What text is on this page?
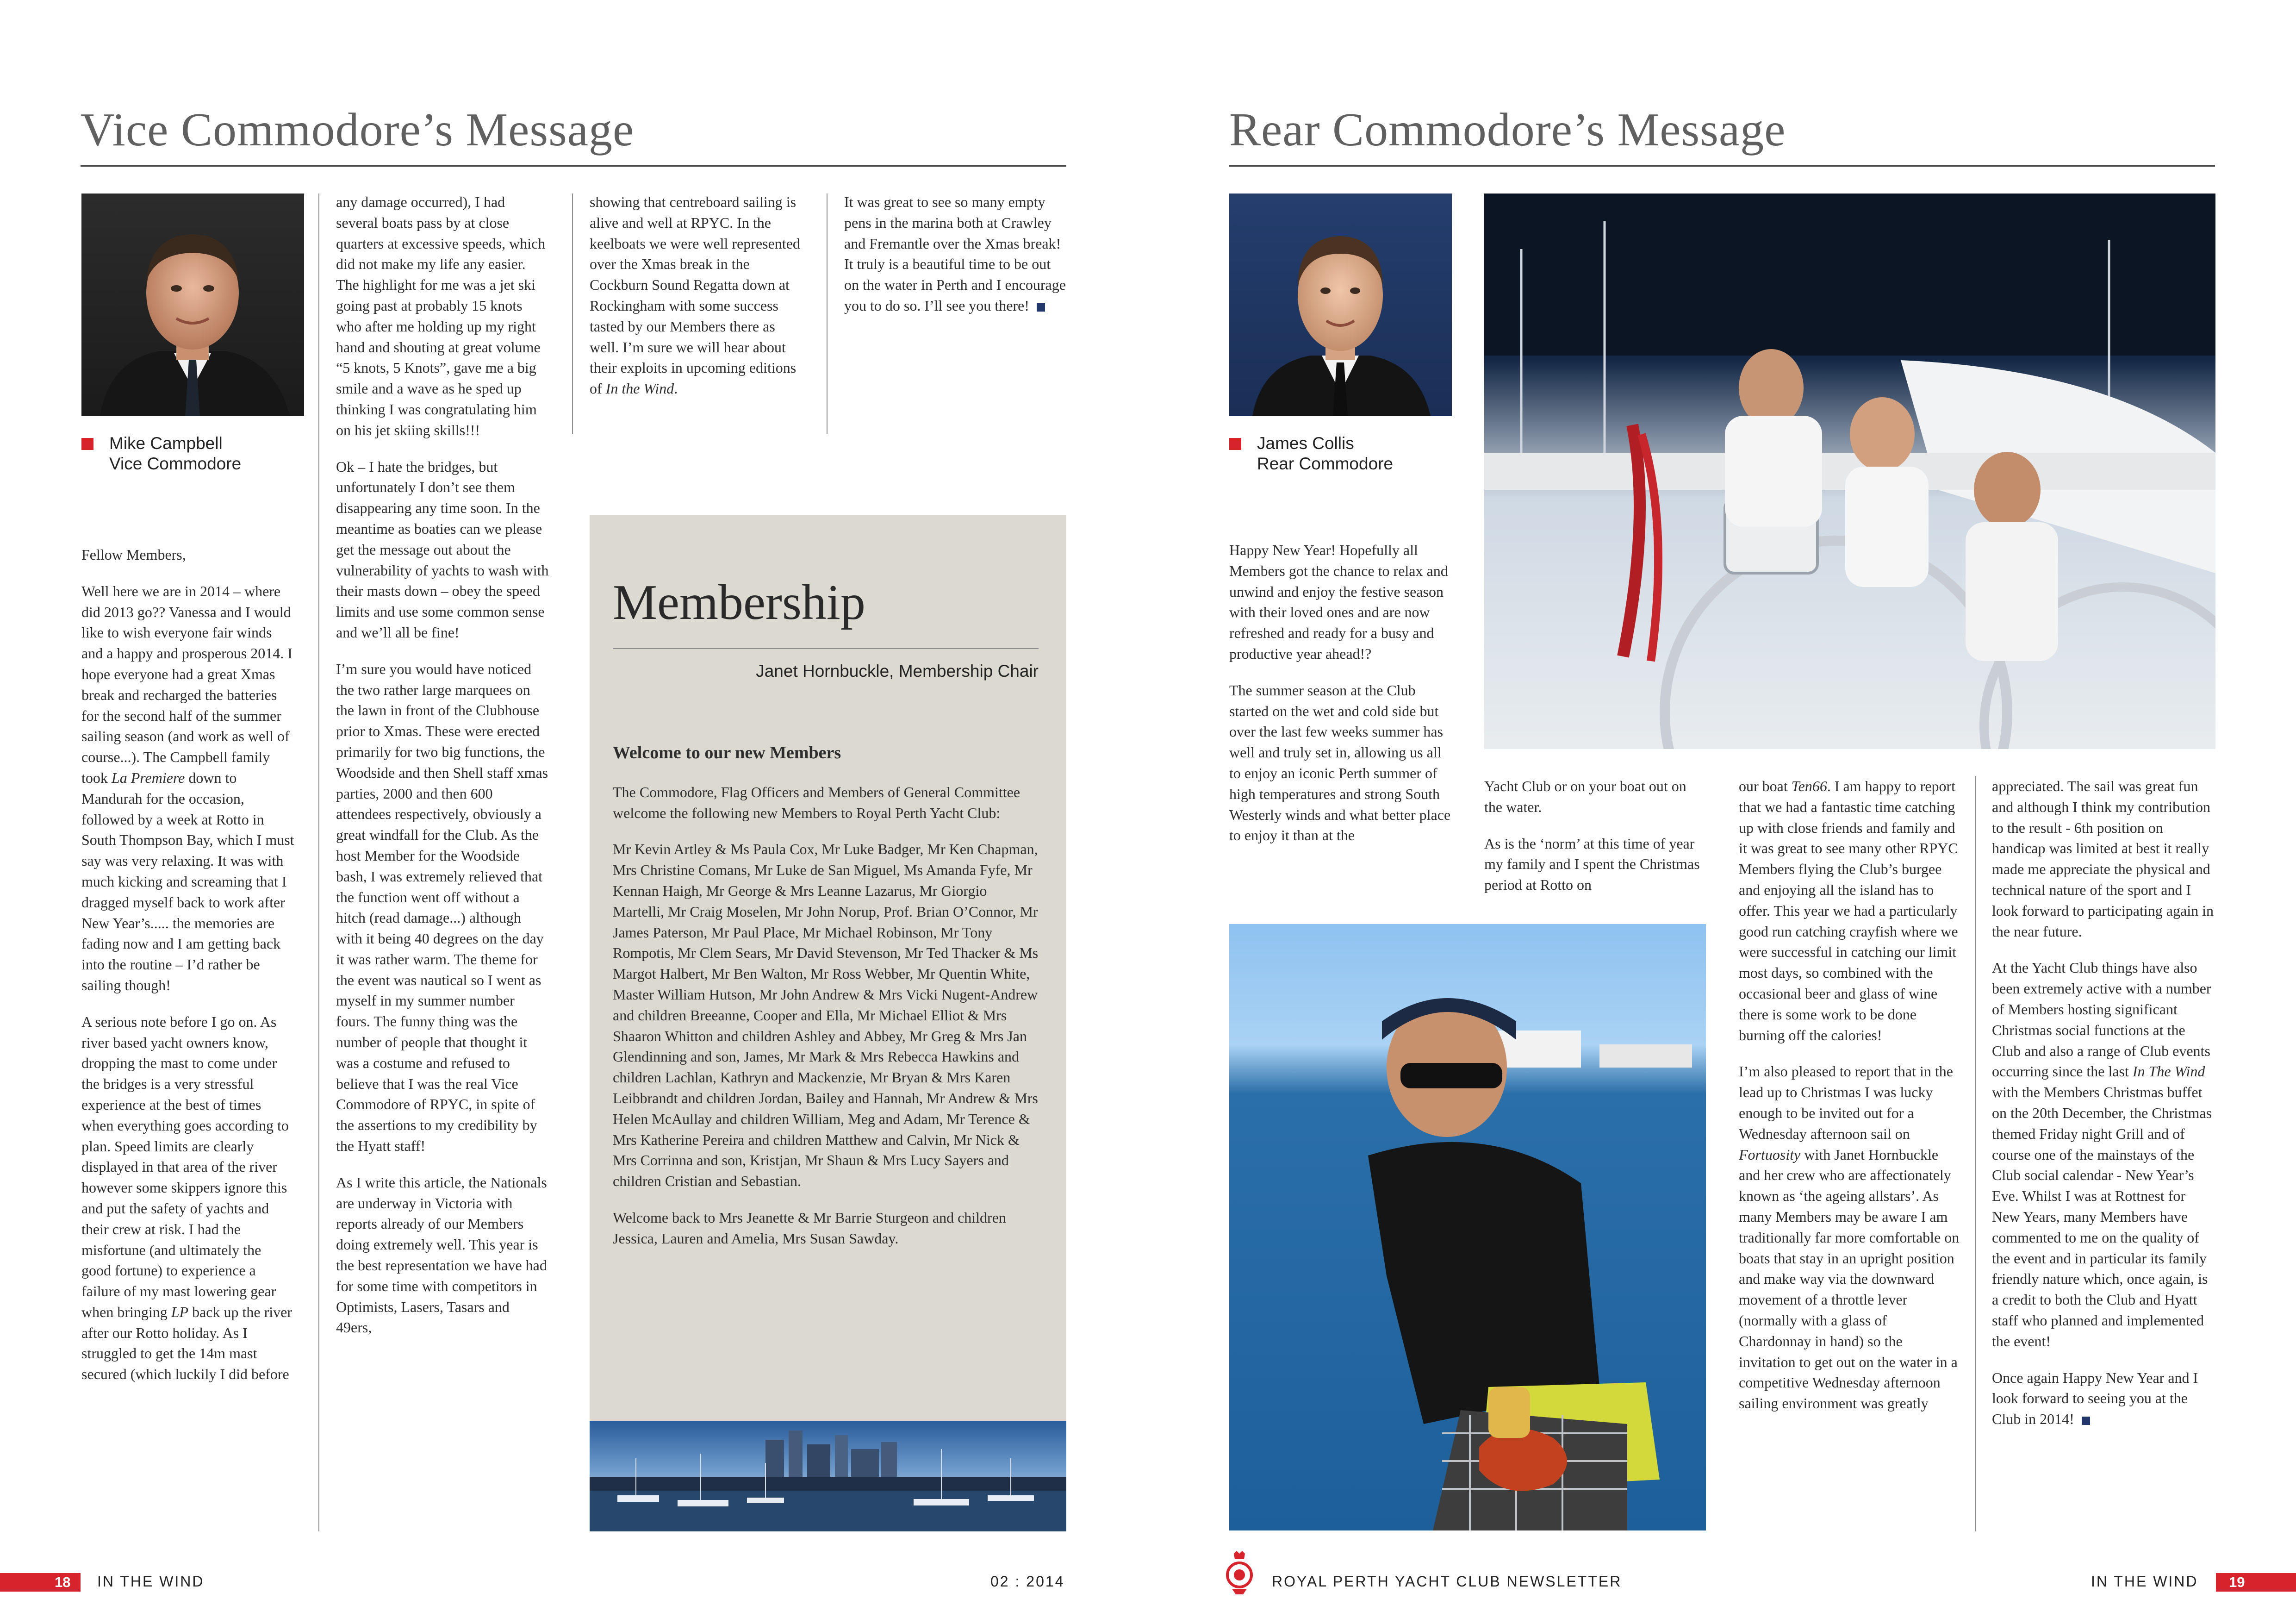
Vice Commodore’s Message
Mike Campbell
Vice Commodore

Fellow Members,

Well here we are in 2014 – where did 2013 go?? Vanessa and I would like to wish everyone fair winds and a happy and prosperous 2014. I hope everyone had a great Xmas break and recharged the batteries for the second half of the summer sailing season (and work as well of course...). The Campbell family took La Premiere down to Mandurah for the occasion, followed by a week at Rotto in South Thompson Bay, which I must say was very relaxing. It was with much kicking and screaming that I dragged myself back to work after New Year’s..... the memories are fading now and I am getting back into the routine – I’d rather be sailing though!

A serious note before I go on. As river based yacht owners know, dropping the mast to come under the bridges is a very stressful experience at the best of times when everything goes according to plan. Speed limits are clearly displayed in that area of the river however some skippers ignore this and put the safety of yachts and their crew at risk. I had the misfortune (and ultimately the good fortune) to experience a failure of my mast lowering gear when bringing LP back up the river after our Rotto holiday. As I struggled to get the 14m mast secured (which luckily I did before

any damage occurred), I had several boats pass by at close quarters at excessive speeds, which did not make my life any easier. The highlight for me was a jet ski going past at probably 15 knots who after me holding up my right hand and shouting at great volume “5 knots, 5 Knots”, gave me a big smile and a wave as he sped up thinking I was congratulating him on his jet skiing skills!!!

Ok – I hate the bridges, but unfortunately I don’t see them disappearing any time soon. In the meantime as boaties can we please get the message out about the vulnerability of yachts to wash with their masts down – obey the speed limits and use some common sense and we’ll all be fine!

I’m sure you would have noticed the two rather large marquees on the lawn in front of the Clubhouse prior to Xmas. These were erected primarily for two big functions, the Woodside and then Shell staff xmas parties, 2000 and then 600 attendees respectively, obviously a great windfall for the Club. As the host Member for the Woodside bash, I was extremely relieved that the function went off without a hitch (read damage...) although with it being 40 degrees on the day it was rather warm. The theme for the event was nautical so I went as myself in my summer number fours. The funny thing was the number of people that thought it was a costume and refused to believe that I was the real Vice Commodore of RPYC, in spite of the assertions to my credibility by the Hyatt staff!

As I write this article, the Nationals are underway in Victoria with reports already of our Members doing extremely well. This year is the best representation we have had for some time with competitors in Optimists, Lasers, Tasars and 49ers,

showing that centreboard sailing is alive and well at RPYC. In the keelboats we were well represented over the Xmas break in the Cockburn Sound Regatta down at Rockingham with some success tasted by our Members there as well. I’m sure we will hear about their exploits in upcoming editions of In the Wind.

It was great to see so many empty pens in the marina both at Crawley and Fremantle over the Xmas break! It truly is a beautiful time to be out on the water in Perth and I encourage you to do so. I’ll see you there!

Membership
Janet Hornbuckle, Membership Chair

Welcome to our new Members

The Commodore, Flag Officers and Members of General Committee welcome the following new Members to Royal Perth Yacht Club:

Mr Kevin Artley & Ms Paula Cox, Mr Luke Badger, Mr Ken Chapman, Mrs Christine Comans, Mr Luke de San Miguel, Ms Amanda Fyfe, Mr Kennan Haigh, Mr George & Mrs Leanne Lazarus, Mr Giorgio Martelli, Mr Craig Moselen, Mr John Norup, Prof. Brian O’Connor, Mr James Paterson, Mr Paul Place, Mr Michael Robinson, Mr Tony Rompotis, Mr Clem Sears, Mr David Stevenson, Mr Ted Thacker & Ms Margot Halbert, Mr Ben Walton, Mr Ross Webber, Mr Quentin White, Master William Hutson, Mr John Andrew & Mrs Vicki Nugent-Andrew and children Breeanne, Cooper and Ella, Mr Michael Elliot & Mrs Shaaron Whitton and children Ashley and Abbey, Mr Greg & Mrs Jan Glendinning and son, James, Mr Mark & Mrs Rebecca Hawkins and children Lachlan, Kathryn and Mackenzie, Mr Bryan & Mrs Karen Leibbrandt and children Jordan, Bailey and Hannah, Mr Andrew & Mrs Helen McAullay and children William, Meg and Adam, Mr Terence & Mrs Katherine Pereira and children Matthew and Calvin, Mr Nick & Mrs Corrinna and son, Kristjan, Mr Shaun & Mrs Lucy Sayers and children Cristian and Sebastian.

Welcome back to Mrs Jeanette & Mr Barrie Sturgeon and children Jessica, Lauren and Amelia, Mrs Susan Sawday.

18	IN THE WIND	02 : 2014
Rear Commodore’s Message
James Collis
Rear Commodore

Happy New Year! Hopefully all Members got the chance to relax and unwind and enjoy the festive season with their loved ones and are now refreshed and ready for a busy and productive year ahead!?

The summer season at the Club started on the wet and cold side but over the last few weeks summer has well and truly set in, allowing us all to enjoy an iconic Perth summer of high temperatures and strong South Westerly winds and what better place to enjoy it than at the

Yacht Club or on your boat out on the water.

As is the ‘norm’ at this time of year my family and I spent the Christmas period at Rotto on

our boat Ten66. I am happy to report that we had a fantastic time catching up with close friends and family and it was great to see many other RPYC Members flying the Club’s burgee and enjoying all the island has to offer. This year we had a particularly good run catching crayfish where we were successful in catching our limit most days, so combined with the occasional beer and glass of wine there is some work to be done burning off the calories!

I’m also pleased to report that in the lead up to Christmas I was lucky enough to be invited out for a Wednesday afternoon sail on Fortuosity with Janet Hornbuckle and her crew who are affectionately known as ‘the ageing allstars’. As many Members may be aware I am traditionally far more comfortable on boats that stay in an upright position and make way via the downward movement of a throttle lever (normally with a glass of Chardonnay in hand) so the invitation to get out on the water in a competitive Wednesday afternoon sailing environment was greatly

appreciated. The sail was great fun and although I think my contribution to the result - 6th position on handicap was limited at best it really made me appreciate the physical and technical nature of the sport and I look forward to participating again in the near future.

At the Yacht Club things have also been extremely active with a number of Members hosting significant Christmas social functions at the Club and also a range of Club events occurring since the last In The Wind with the Members Christmas buffet on the 20th December, the Christmas themed Friday night Grill and of course one of the mainstays of the Club social calendar - New Year’s Eve. Whilst I was at Rottnest for New Years, many Members have commented to me on the quality of the event and in particular its family friendly nature which, once again, is a credit to both the Club and Hyatt staff who planned and implemented the event!

Once again Happy New Year and I look forward to seeing you at the Club in 2014!

ROYAL PERTH YACHT CLUB NEWSLETTER	IN THE WIND	19
